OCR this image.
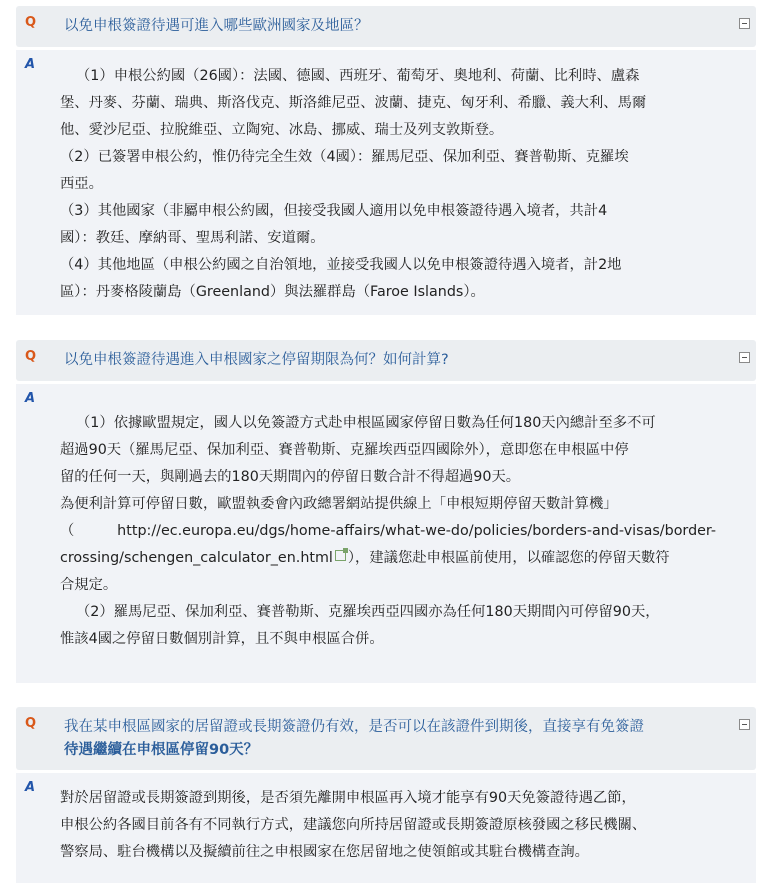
Q	以免申根簽證待遇可進入哪些歐洲國家及地區？
A

（1）申根公約國（26國）：法國、德國、西班牙、葡萄牙、奧地利、荷蘭、比利時、盧森

堡、丹麥、芬蘭、瑞典、斯洛伐克、斯洛維尼亞、波蘭、捷克、匈牙利、希臘、義大利、馬爾

他、愛沙尼亞、拉脫維亞、立陶宛、冰島、挪威、瑞士及列支敦斯登。

（2）已簽署申根公約，惟仍待完全生效（4國）：羅馬尼亞、保加利亞、賽普勒斯、克羅埃

西亞。

（3）其他國家（非屬申根公約國，但接受我國人適用以免申根簽證待遇入境者，共計4

國）：教廷、摩納哥、聖馬利諾、安道爾。

（4）其他地區（申根公約國之自治領地，並接受我國人以免申根簽證待遇入境者，計2地

區）：丹麥格陵蘭島（Greenland）與法羅群島（Faroe Islands）。

Q	以免申根簽證待遇進入申根國家之停留期限為何？如何計算?
A

（1）依據歐盟規定，國人以免簽證方式赴申根區國家停留日數為任何180天內總計至多不可

超過90天（羅馬尼亞、保加利亞、賽普勒斯、克羅埃西亞四國除外），意即您在申根區中停

留的任何一天，與剛過去的180天期間內的停留日數合計不得超過90天。

為便利計算可停留日數，歐盟執委會內政總署網站提供線上「申根短期停留天數計算機」

（　　　http://ec.europa.eu/dgs/home-affairs/what-we-do/policies/borders-and-visas/border-

crossing/schengen_calculator_en.html ），建議您赴申根區前使用，以確認您的停留天數符

合規定。

（2）羅馬尼亞、保加利亞、賽普勒斯、克羅埃西亞四國亦為任何180天期間內可停留90天，

惟該4國之停留日數個別計算，且不與申根區合併。

Q 我在某申根區國家的居留證或長期簽證仍有效，是否可以在該證件到期後，直接享有免簽證
待遇繼續在申根區停留90天？
A

對於居留證或長期簽證到期後，是否須先離開申根區再入境才能享有90天免簽證待遇乙節，

申根公約各國目前各有不同執行方式，建議您向所持居留證或長期簽證原核發國之移民機關、

警察局、駐台機構以及擬續前往之申根國家在您居留地之使領館或其駐台機構查詢。
